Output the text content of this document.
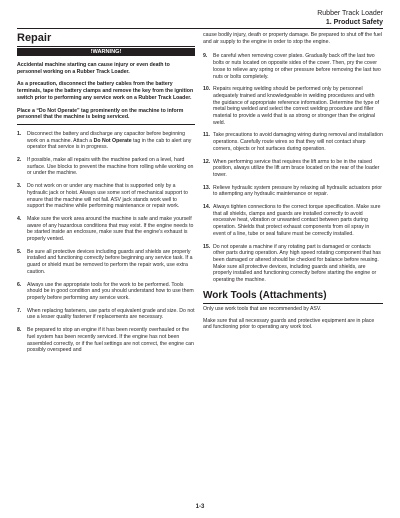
Rubber Track Loader
1. Product Safety
Repair
!WARNING!

Accidental machine starting can cause injury or even death to personnel working on a Rubber Track Loader.

As a precaution, disconnect the battery cables from the battery terminals, tape the battery clamps and remove the key from the ignition switch prior to performing any service work on a Rubber Track Loader.

Place a “Do Not Operate” tag prominently on the machine to inform personnel that the machine is being serviced.

1. Disconnect the battery and discharge any capacitor before beginning work on a machine. Attach a Do Not Operate tag in the cab to alert any operator that service is in progress.
2. If possible, make all repairs with the machine parked on a level, hard surface. Use blocks to prevent the machine from rolling while working on or under the machine.
3. Do not work on or under any machine that is supported only by a hydraulic jack or hoist. Always use some sort of mechanical support to ensure that the machine will not fall. ASV jack stands work well to support the machine while performing maintenance or repair work.
4. Make sure the work area around the machine is safe and make yourself aware of any hazardous conditions that may exist. If the engine needs to be started inside an enclosure, make sure that the engine's exhaust is properly vented.
5. Be sure all protective devices including guards and shields are properly installed and functioning correctly before beginning any service task. If a guard or shield must be removed to perform the repair work, use extra caution.
6. Always use the appropriate tools for the work to be performed. Tools should be in good condition and you should understand how to use them properly before performing any service work.
7. When replacing fasteners, use parts of equivalent grade and size. Do not use a lesser quality fastener if replacements are necessary.
8. Be prepared to stop an engine if it has been recently overhauled or the fuel system has been recently serviced. If the engine has not been assembled correctly, or if the fuel settings are not correct, the engine can possibly overspeed and

cause bodily injury, death or property damage. Be prepared to shut off the fuel and air supply to the engine in order to stop the engine.

9. Be careful when removing cover plates. Gradually back off the last two bolts or nuts located on opposite sides of the cover. Then, pry the cover loose to relieve any spring or other pressure before removing the last two nuts or bolts completely.
10. Repairs requiring welding should be performed only by personnel adequately trained and knowledgeable in welding procedures and with the guidance of appropriate reference information. Determine the type of metal being welded and select the correct welding procedure and filler material to provide a weld that is as strong or stronger than the original weld.
11. Take precautions to avoid damaging wiring during removal and installation operations. Carefully route wires so that they will not contact sharp corners, objects or hot surfaces during operation.
12. When performing service that requires the lift arms to be in the raised position, always utilize the lift arm brace located on the rear of the loader tower.
13. Relieve hydraulic system pressure by relaxing all hydraulic actuators prior to attempting any hydraulic maintenance or repair.
14. Always tighten connections to the correct torque specification. Make sure that all shields, clamps and guards are installed correctly to avoid excessive heat, vibration or unwanted contact between parts during operation. Shields that protect exhaust components from oil spray in event of a line, tube or seal failure must be correctly installed.
15. Do not operate a machine if any rotating part is damaged or contacts other parts during operation. Any high speed rotating component that has been damaged or altered should be checked for balance before reusing. Make sure all protective devices, including guards and shields, are properly installed and functioning correctly before starting the engine or operating the machine.
Work Tools (Attachments)

Only use work tools that are recommended by ASV.

Make sure that all necessary guards and protective equipment are in place and functioning prior to operating any work tool.

1-3
